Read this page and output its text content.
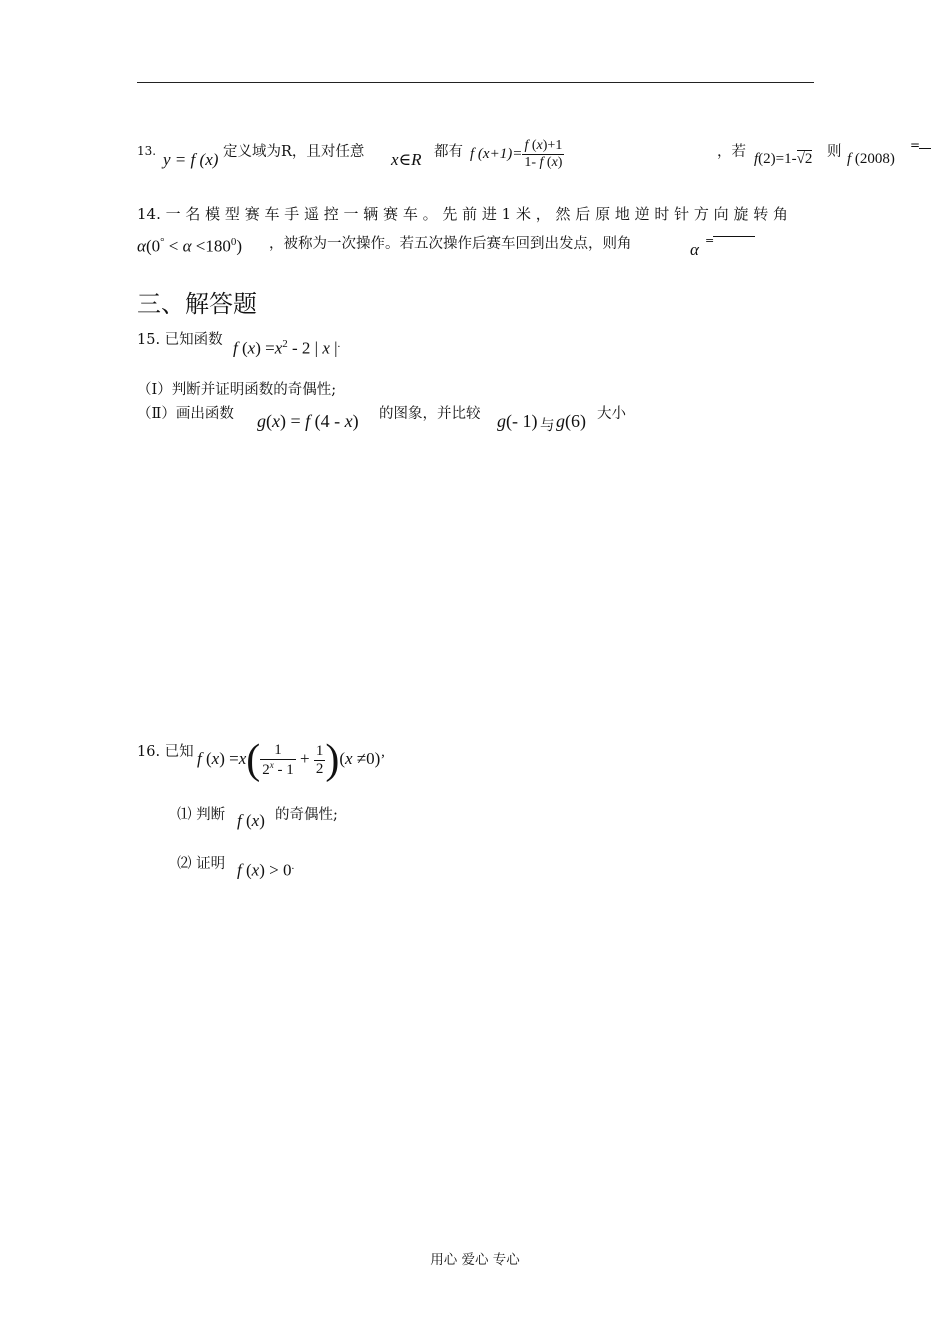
13. y = f (x) 定义域为R，且对任意 x∈R 都有 f $(x+1)= \frac{f (x)+1}{1- f (x)}$	，若 f(2)=1-√2 则 f (2008)
=
14. 一 名 模 型 赛 车 手 遥 控 一 辆 赛 车 。 先 前 进 1 米 ， 然 后 原 地 逆 时 针 方 向 旋 转 角
$\alpha(0^\circ < \alpha <180^0)$ ，被称为一次操作。若五次操作后赛车回到出发点，则角	α =
三、解答题
15. 已知函数 f $(x) =x^2 - 2$ | x |.
（Ⅰ）判断并证明函数的奇偶性;
（Ⅱ）画出函数 g(x) = f (4 - x) 的图象，并比较 g(- 1) 与 g(6) 大小
16. 已知 f $(x) =x( \frac{1}{2^x - 1} + \frac{1}{2} )(x \ne 0)$’
⑴ 判断 f (x) 的奇偶性;
⑵ 证明 f (x) > 0.
用心 爱心 专心
